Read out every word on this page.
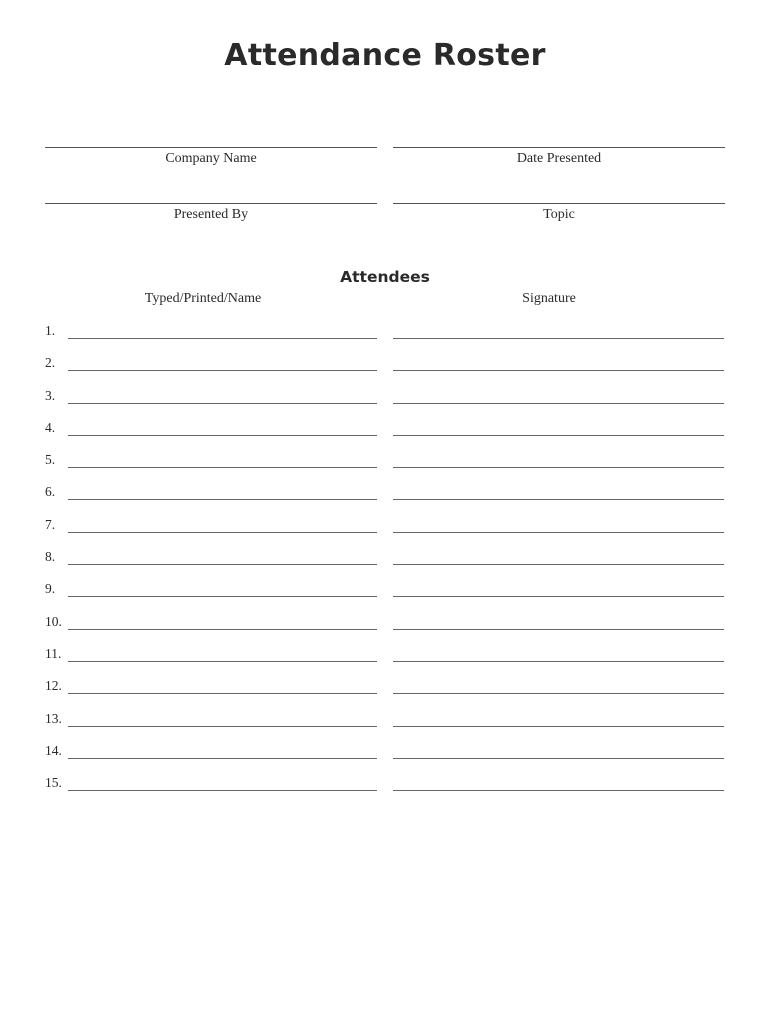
Attendance Roster
Company Name	Date Presented
Presented By	Topic
Attendees
Typed/Printed/Name	Signature
1.
2.
3.
4.
5.
6.
7.
8.
9.
10.
11.
12.
13.
14.
15.
